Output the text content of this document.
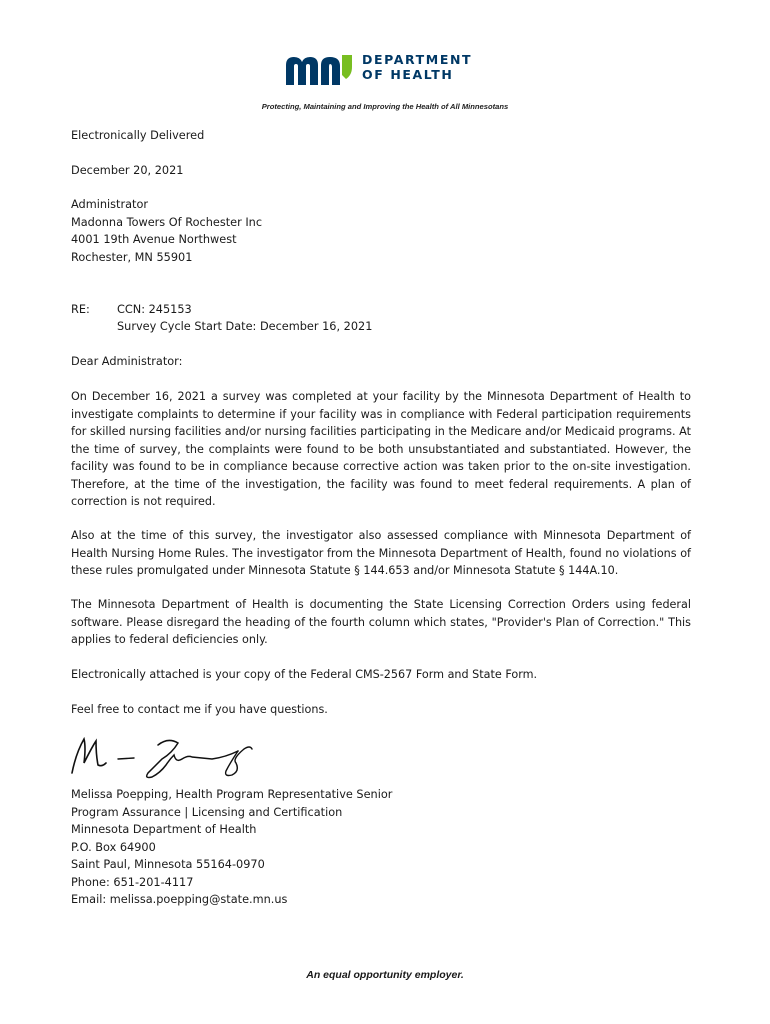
DEPARTMENT
OF HEALTH
Protecting, Maintaining and Improving the Health of All Minnesotans
Electronically Delivered
December 20, 2021
Administrator
Madonna Towers Of Rochester Inc
4001 19th Avenue Northwest
Rochester, MN 55901
RE: CCN: 245153
Survey Cycle Start Date: December 16, 2021
Dear Administrator:

On December 16, 2021 a survey was completed at your facility by the Minnesota Department of Health to investigate complaints to determine if your facility was in compliance with Federal participation requirements for skilled nursing facilities and/or nursing facilities participating in the Medicare and/or Medicaid programs. At the time of survey, the complaints were found to be both unsubstantiated and substantiated. However, the facility was found to be in compliance because corrective action was taken prior to the on-site investigation. Therefore, at the time of the investigation, the facility was found to meet federal requirements. A plan of correction is not required.

Also at the time of this survey, the investigator also assessed compliance with Minnesota Department of Health Nursing Home Rules. The investigator from the Minnesota Department of Health, found no violations of these rules promulgated under Minnesota Statute § 144.653 and/or Minnesota Statute § 144A.10.

The Minnesota Department of Health is documenting the State Licensing Correction Orders using federal software. Please disregard the heading of the fourth column which states, "Provider's Plan of Correction." This applies to federal deficiencies only.

Electronically attached is your copy of the Federal CMS-2567 Form and State Form.

Feel free to contact me if you have questions.

Melissa Poepping, Health Program Representative Senior
Program Assurance | Licensing and Certification
Minnesota Department of Health
P.O. Box 64900
Saint Paul, Minnesota 55164-0970
Phone: 651-201-4117
Email: melissa.poepping@state.mn.us
An equal opportunity employer.
